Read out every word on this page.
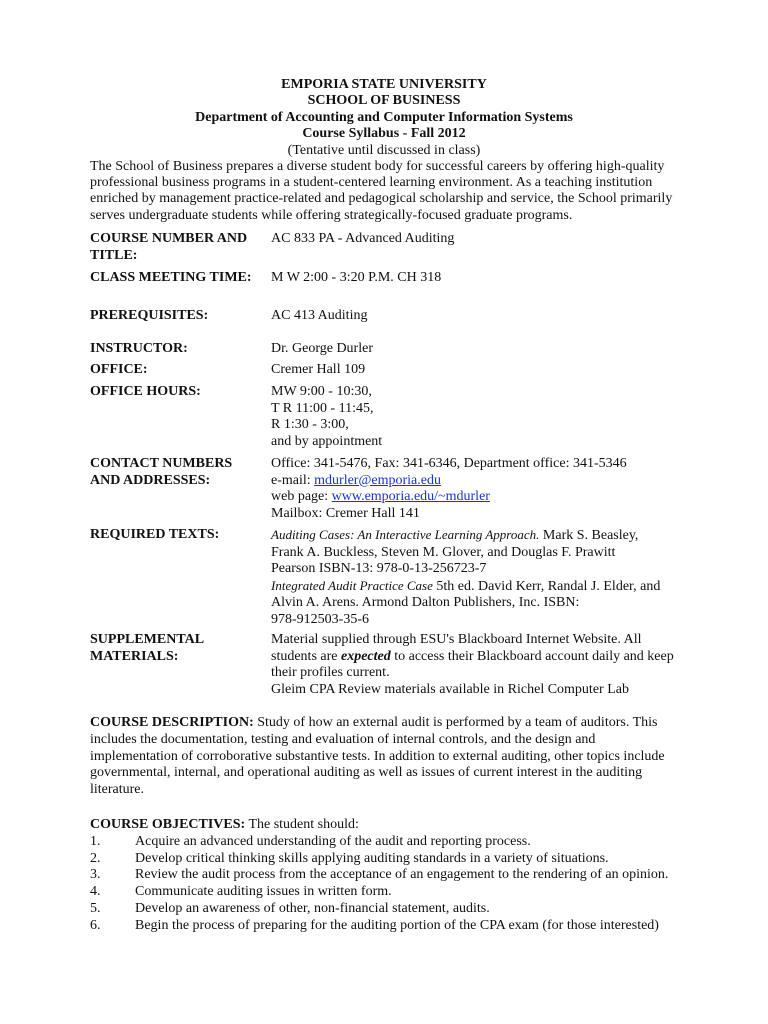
EMPORIA STATE UNIVERSITY
SCHOOL OF BUSINESS
Department of Accounting and Computer Information Systems
Course Syllabus - Fall 2012
(Tentative until discussed in class)
The School of Business prepares a diverse student body for successful careers by offering high-quality professional business programs in a student-centered learning environment. As a teaching institution enriched by management practice-related and pedagogical scholarship and service, the School primarily serves undergraduate students while offering strategically-focused graduate programs.
COURSE NUMBER AND TITLE:
AC 833 PA - Advanced Auditing
CLASS MEETING TIME:	M W 2:00 - 3:20 P.M. CH 318
PREREQUISITES:	AC 413 Auditing
INSTRUCTOR:	Dr. George Durler
OFFICE:	Cremer Hall 109
OFFICE HOURS:	MW 9:00 - 10:30,
T R 11:00 - 11:45,
R 1:30 - 3:00,
and by appointment
CONTACT NUMBERS AND ADDRESSES:
Office: 341-5476, Fax: 341-6346, Department office: 341-5346
e-mail: mdurler@emporia.edu
web page: www.emporia.edu/~mdurler
Mailbox: Cremer Hall 141
REQUIRED TEXTS:	Auditing Cases: An Interactive Learning Approach. Mark S. Beasley,
Frank A. Buckless, Steven M. Glover, and Douglas F. Prawitt
Pearson ISBN-13: 978-0-13-256723-7
Integrated Audit Practice Case 5th ed. David Kerr, Randal J. Elder, and
Alvin A. Arens. Armond Dalton Publishers, Inc. ISBN:
978-912503-35-6
SUPPLEMENTAL MATERIALS:
Material supplied through ESU's Blackboard Internet Website. All
students are expected to access their Blackboard account daily and keep
their profiles current.
Gleim CPA Review materials available in Richel Computer Lab
COURSE DESCRIPTION: Study of how an external audit is performed by a team of auditors. This includes the documentation, testing and evaluation of internal controls, and the design and implementation of corroborative substantive tests. In addition to external auditing, other topics include governmental, internal, and operational auditing as well as issues of current interest in the auditing literature.
COURSE OBJECTIVES: The student should:
1. Acquire an advanced understanding of the audit and reporting process.
2. Develop critical thinking skills applying auditing standards in a variety of situations.
3. Review the audit process from the acceptance of an engagement to the rendering of an opinion.
4. Communicate auditing issues in written form.
5. Develop an awareness of other, non-financial statement, audits.
6. Begin the process of preparing for the auditing portion of the CPA exam (for those interested)
